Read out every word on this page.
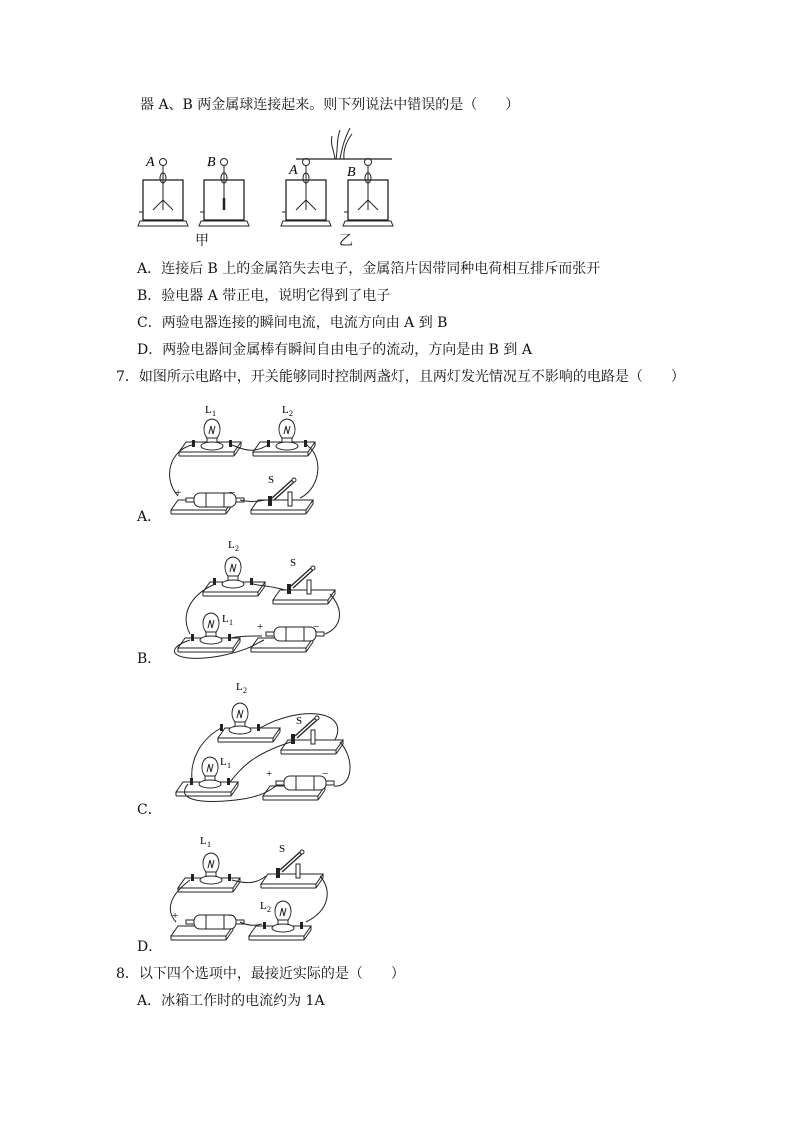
器 A、B 两金属球连接起来。则下列说法中错误的是（　　）
A	B
A	B
甲	乙
A．连接后 B 上的金属箔失去电子，金属箔片因带同种电荷相互排斥而张开
B．验电器 A 带正电，说明它得到了电子
C．两验电器连接的瞬间电流，电流方向由 A 到 B
D．两验电器间金属棒有瞬间自由电子的流动，方向是由 B 到 A
7．如图所示电路中，开关能够同时控制两盏灯，且两灯发光情况互不影响的电路是（　　）
L 1	L 2
S
+	−
L 2
S
L 1 +	−
L 2
S
L 1
+	−
L 1	S
+	−
L 2
A．
B．
C．
D．
8．以下四个选项中，最接近实际的是（　　）
A．冰箱工作时的电流约为 1A
